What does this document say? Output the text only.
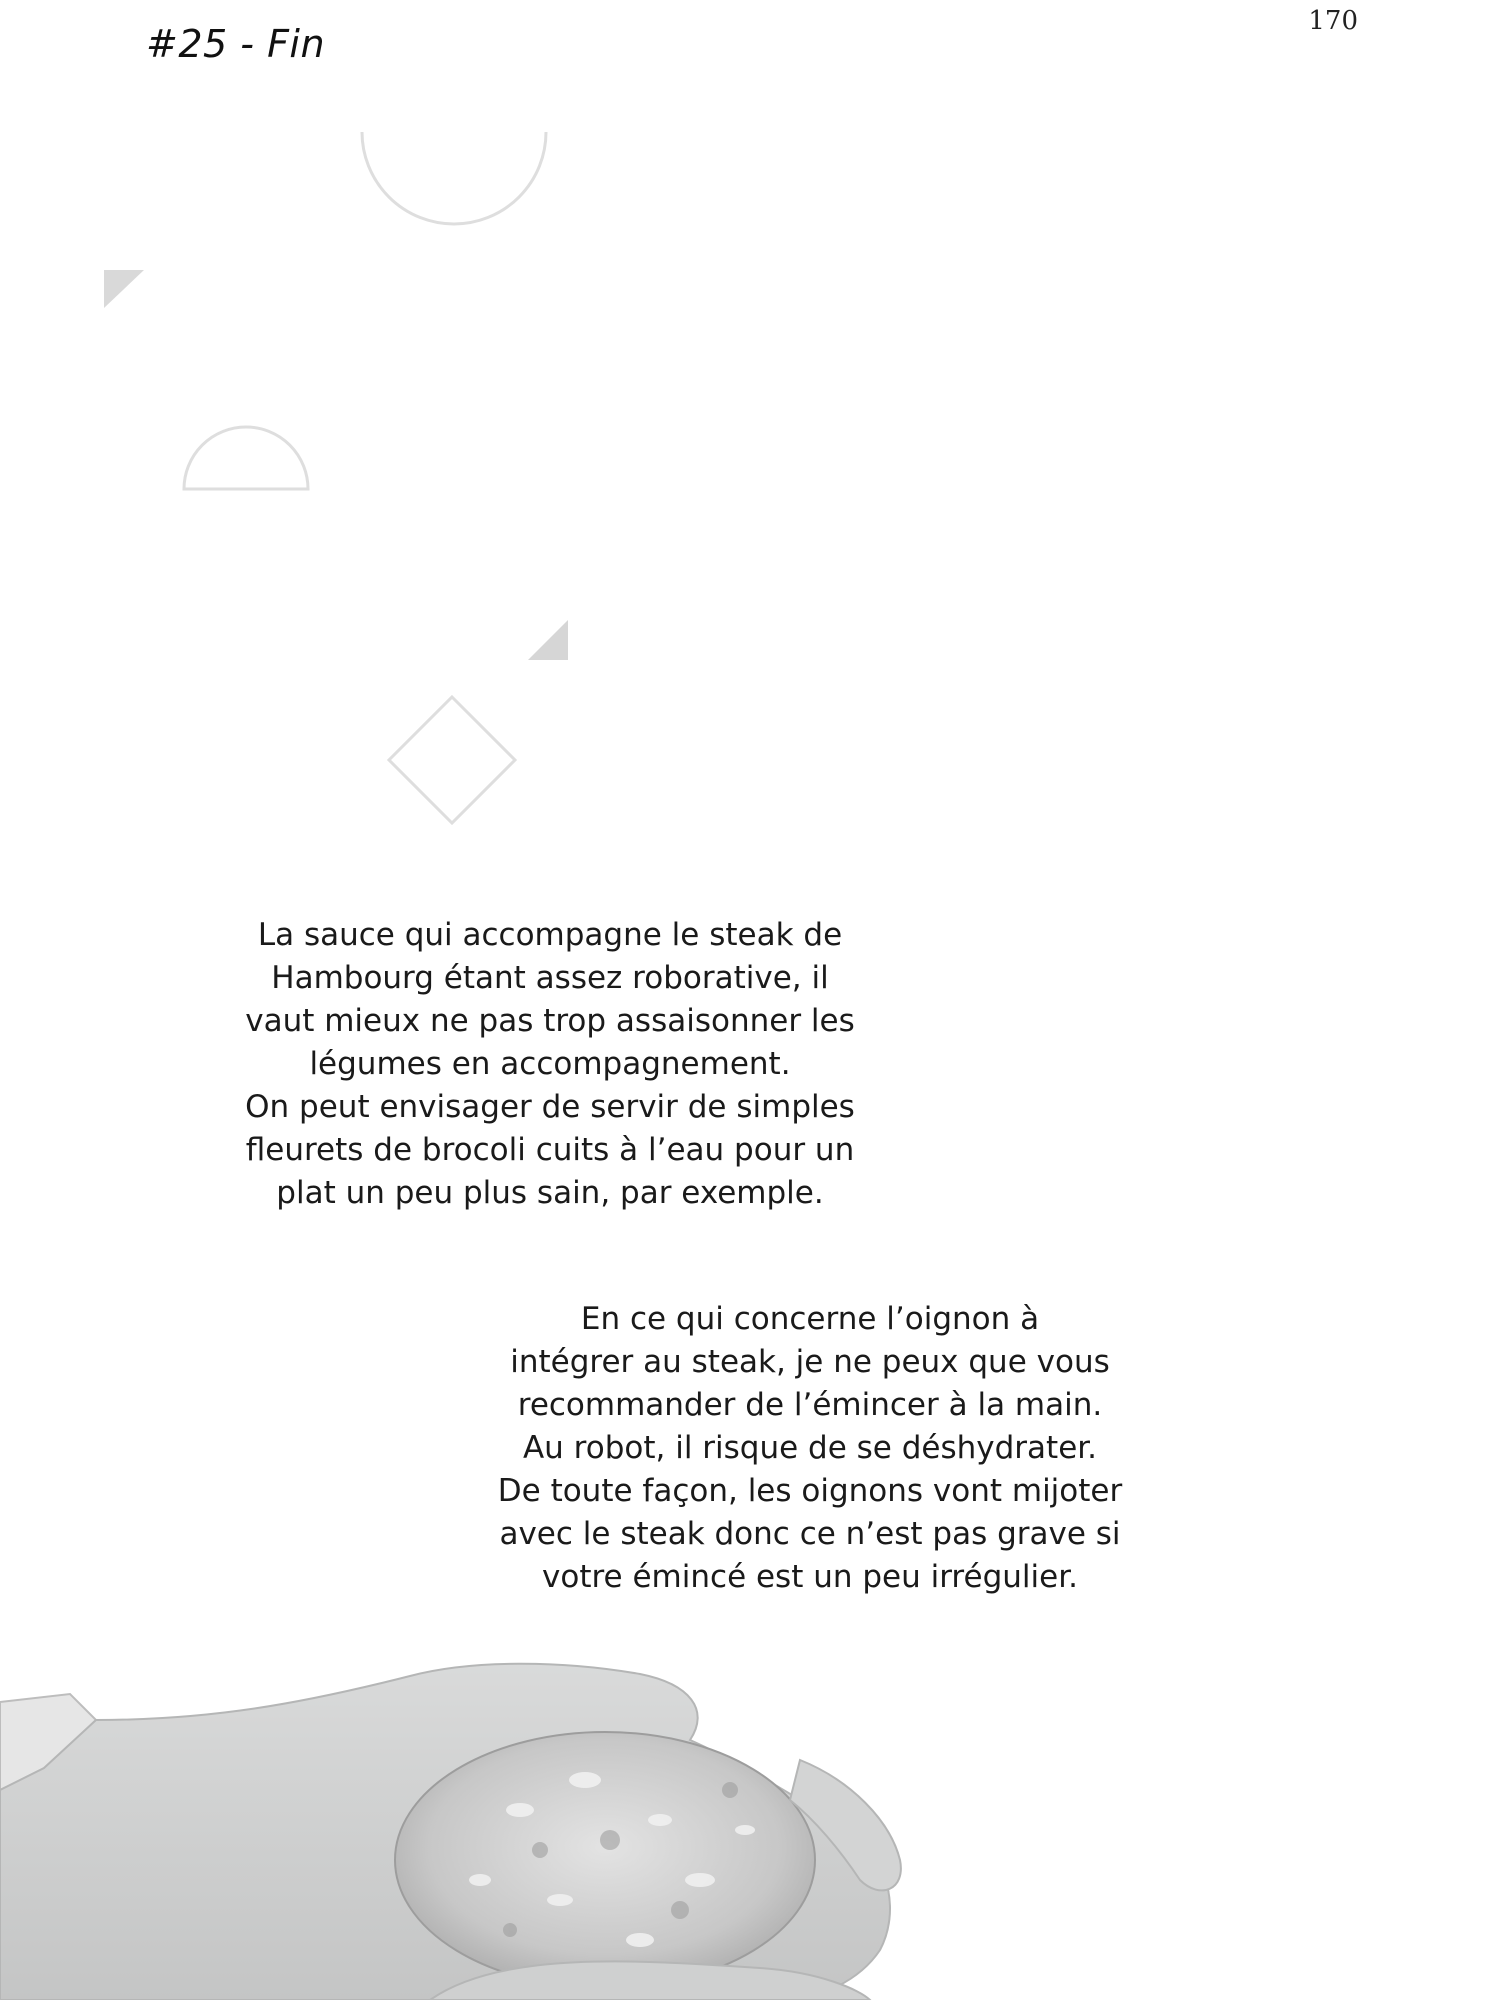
#25 - Fin
170

La sauce qui accompagne le steak de
Hambourg étant assez roborative, il
vaut mieux ne pas trop assaisonner les
légumes en accompagnement.
On peut envisager de servir de simples
fleurets de brocoli cuits à l’eau pour un
plat un peu plus sain, par exemple.

En ce qui concerne l’oignon à
intégrer au steak, je ne peux que vous
recommander de l’émincer à la main.
Au robot, il risque de se déshydrater.
De toute façon, les oignons vont mijoter
avec le steak donc ce n’est pas grave si
votre émincé est un peu irrégulier.
